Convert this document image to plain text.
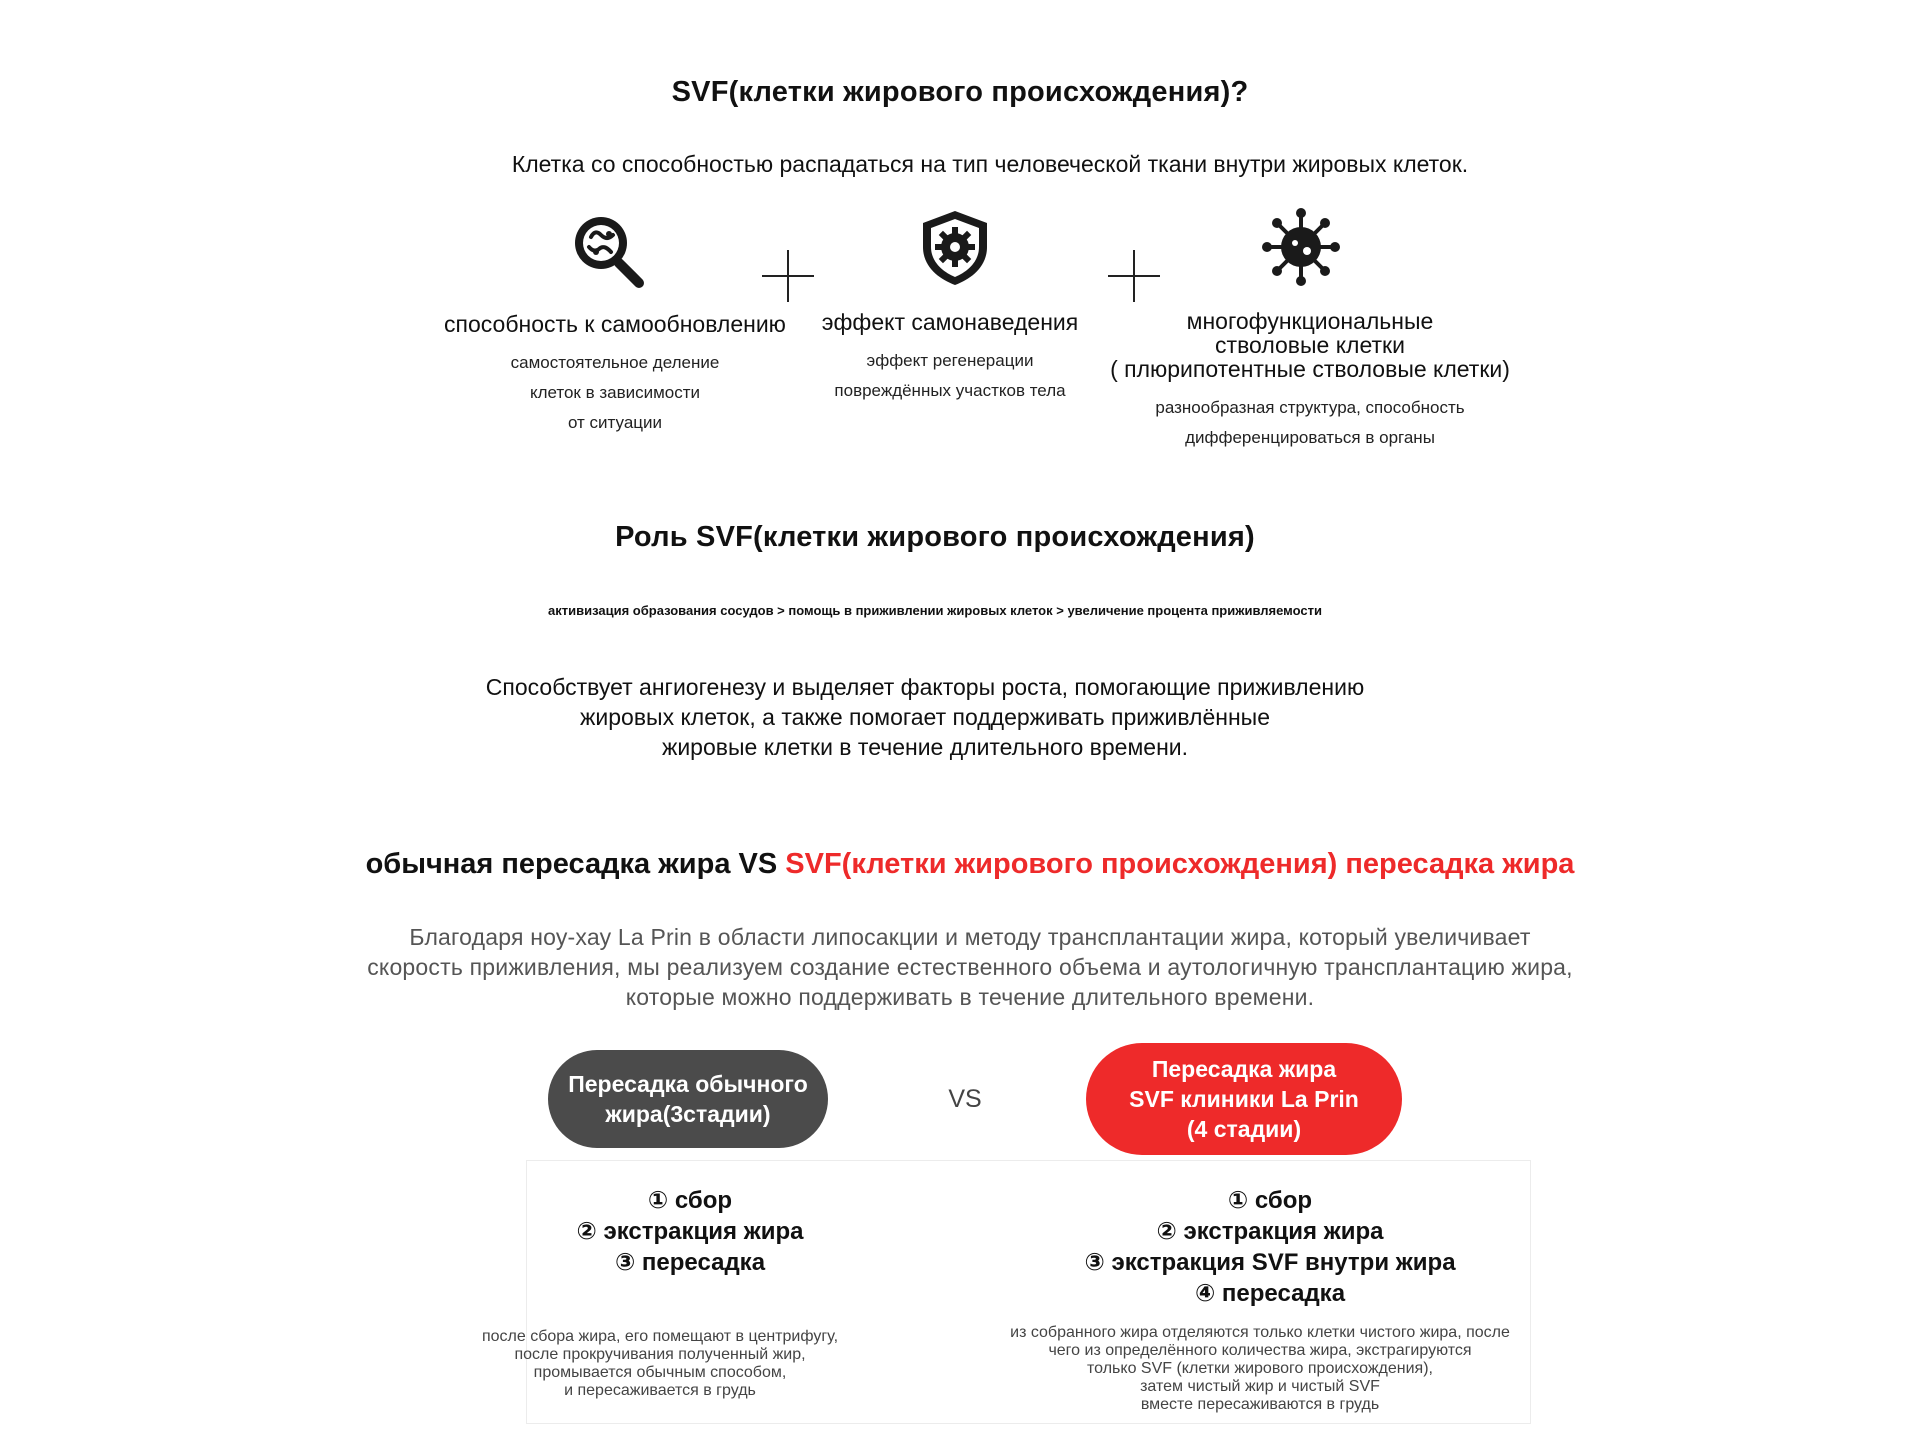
SVF(клетки жирового происхождения)?
Клетка со способностью распадаться на тип человеческой ткани внутри жировых клеток.
способность к самообновлению
самостоятельное деление
клеток в зависимости
от ситуации
эффект самонаведения
эффект регенерации
повреждённых участков тела
многофункциональные
стволовые клетки
( плюрипотентные стволовые клетки)
разнообразная структура, способность
дифференцироваться в органы
Роль SVF(клетки жирового происхождения)
активизация образования сосудов > помощь в приживлении жировых клеток > увеличение процента приживляемости
Способствует ангиогенезу и выделяет факторы роста, помогающие приживлению
жировых клеток, а также помогает поддерживать приживлённые
жировые клетки в течение длительного времени.
обычная пересадка жира VS SVF(клетки жирового происхождения) пересадка жира
Благодаря ноу-хау La Prin в области липосакции и методу трансплантации жира, который увеличивает
скорость приживления, мы реализуем создание естественного объема и аутологичную трансплантацию жира,
которые можно поддерживать в течение длительного времени.
Пересадка обычного
жира(3стадии)
VS
Пересадка жира
SVF клиники La Prin
(4 стадии)
① сбор
② экстракция жира
③ пересадка
① сбор
② экстракция жира
③ экстракция SVF внутри жира
④ пересадка
после сбора жира, его помещают в центрифугу,
после прокручивания полученный жир,
промывается обычным способом,
и пересаживается в грудь
из собранного жира отделяются только клетки чистого жира, после
чего из определённого количества жира, экстрагируются
только SVF (клетки жирового происхождения),
затем чистый жир и чистый SVF
вместе пересаживаются в грудь
